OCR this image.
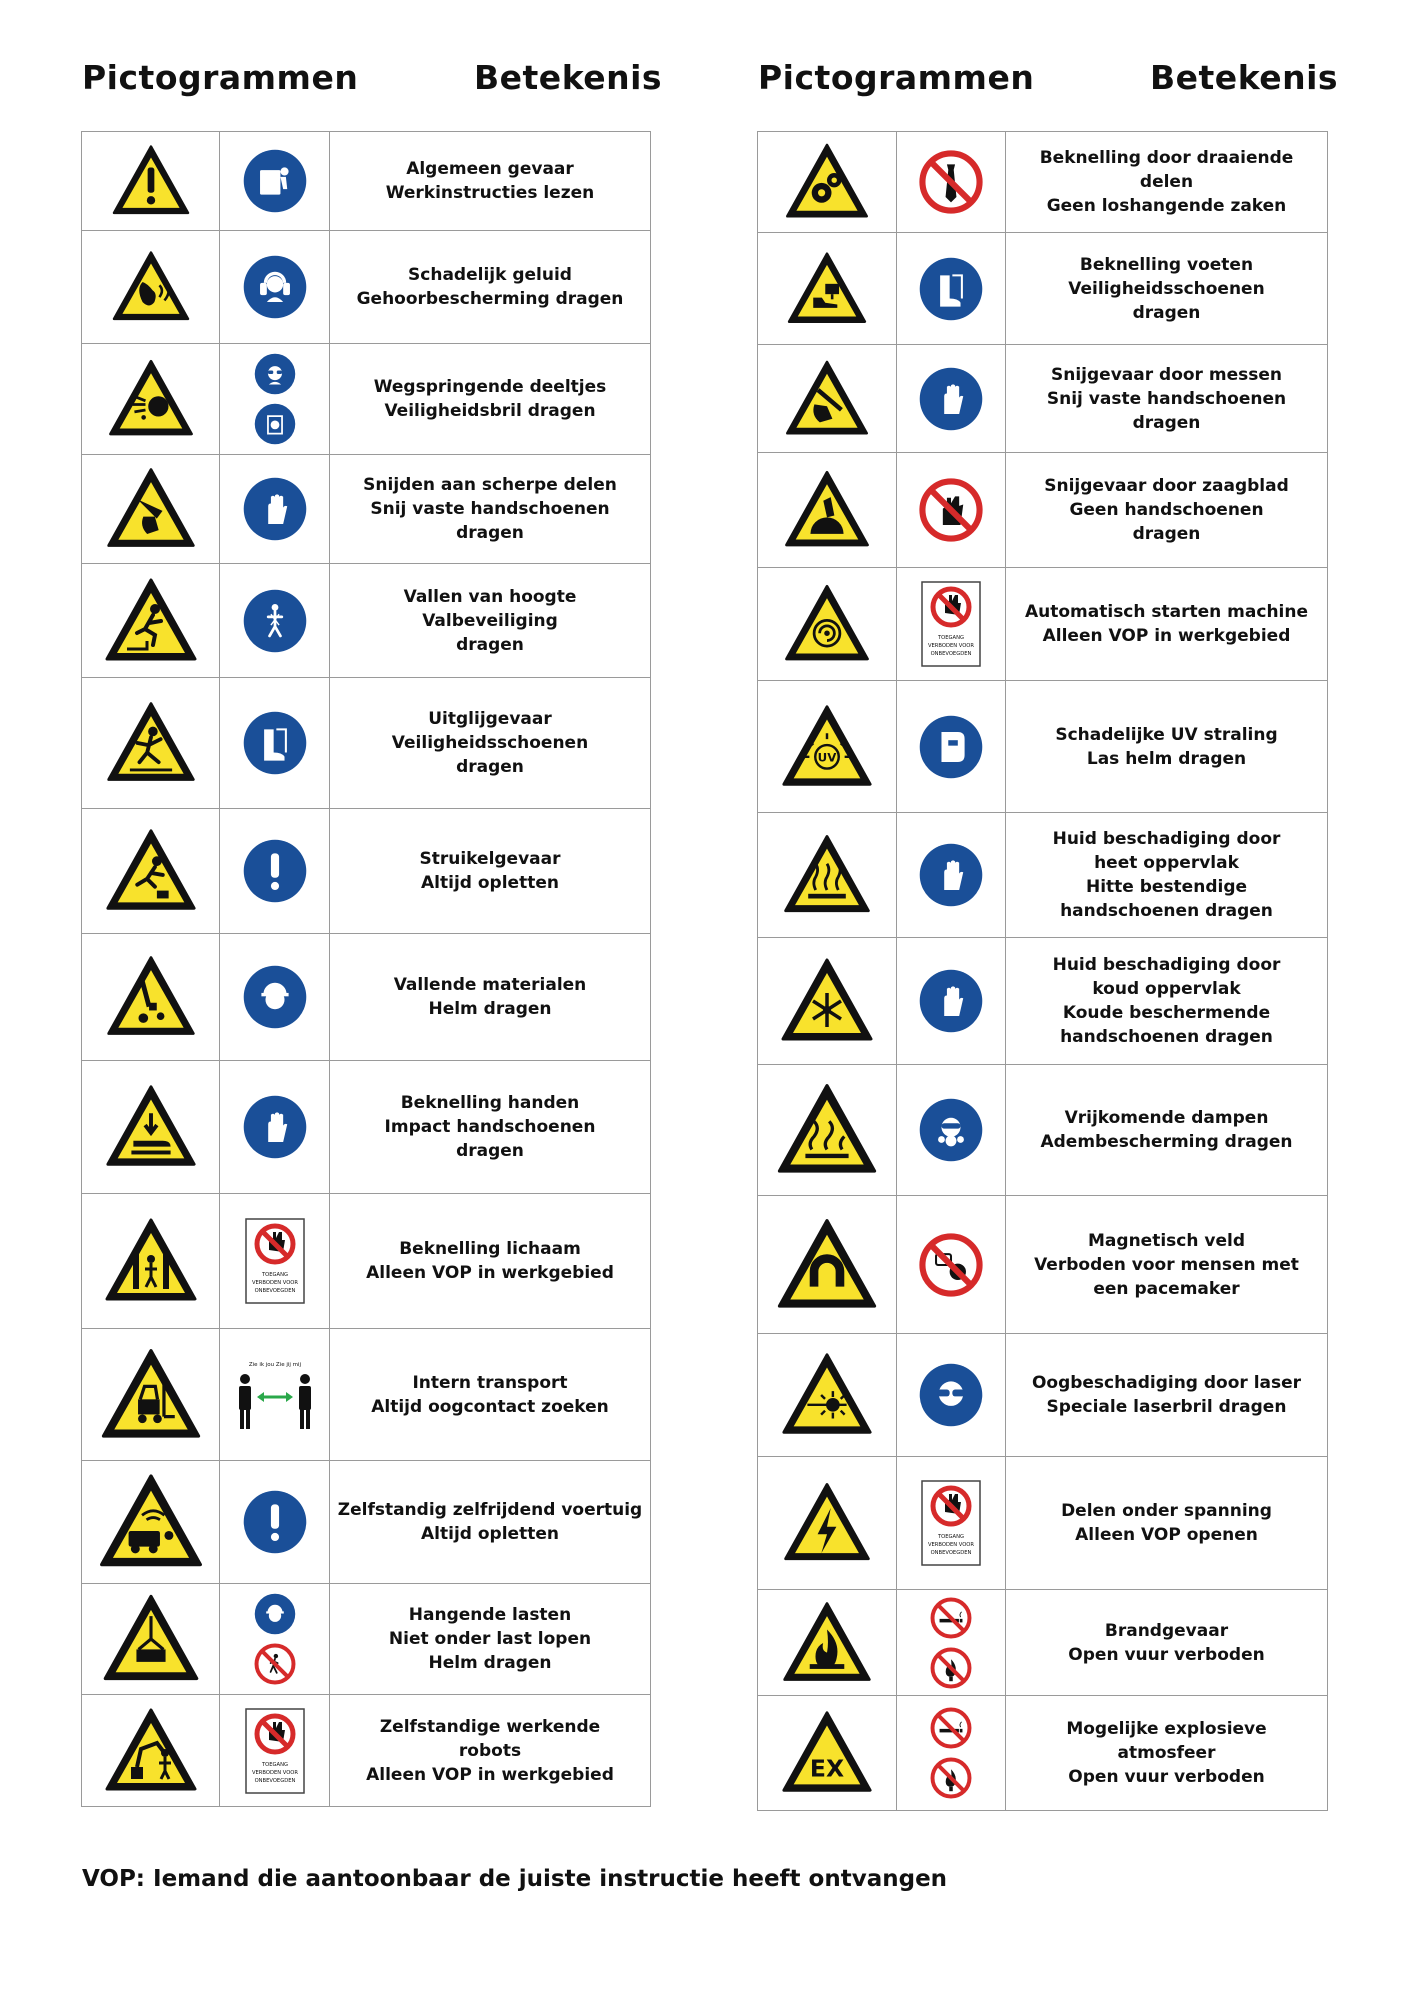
Pictogrammen	Betekenis	Pictogrammen	Betekenis

Algemeen gevaar
Werkinstructies lezen

Schadelijk geluid
Gehoorbescherming dragen

Wegspringende deeltjes
Veiligheidsbril dragen

Snijden aan scherpe delen
Snij vaste handschoenen
dragen

Vallen van hoogte
Valbeveiliging
dragen

Uitglijgevaar
Veiligheidsschoenen
dragen

Struikelgevaar
Altijd opletten

Vallende materialen
Helm dragen

Beknelling handen
Impact handschoenen
dragen

TOEGANG
VERBODEN VOOR
ONBEVOEGDEN	Beknelling lichaam
Alleen VOP in werkgebied

Zie ik jou Zie jij mij	Intern transport
Altijd oogcontact zoeken

Zelfstandig zelfrijdend voertuig
Altijd opletten

Hangende lasten
Niet onder last lopen
Helm dragen

TOEGANG
VERBODEN VOOR
ONBEVOEGDEN	Zelfstandige werkende
robots
Alleen VOP in werkgebied

Beknelling door draaiende
delen
Geen loshangende zaken

Beknelling voeten
Veiligheidsschoenen
dragen

Snijgevaar door messen
Snij vaste handschoenen
dragen

Snijgevaar door zaagblad
Geen handschoenen
dragen

TOEGANG
VERBODEN VOOR
ONBEVOEGDEN	Automatisch starten machine
Alleen VOP in werkgebied

UV		Schadelijke UV straling
Las helm dragen

Huid beschadiging door
heet oppervlak
Hitte bestendige
handschoenen dragen

Huid beschadiging door
koud oppervlak
Koude beschermende
handschoenen dragen

Vrijkomende dampen
Adembescherming dragen

Magnetisch veld
Verboden voor mensen met
een pacemaker

Oogbeschadiging door laser
Speciale laserbril dragen

TOEGANG
VERBODEN VOOR
ONBEVOEGDEN	Delen onder spanning
Alleen VOP openen

Brandgevaar
Open vuur verboden

EX		Mogelijke explosieve
atmosfeer
Open vuur verboden
VOP: Iemand die aantoonbaar de juiste instructie heeft ontvangen
